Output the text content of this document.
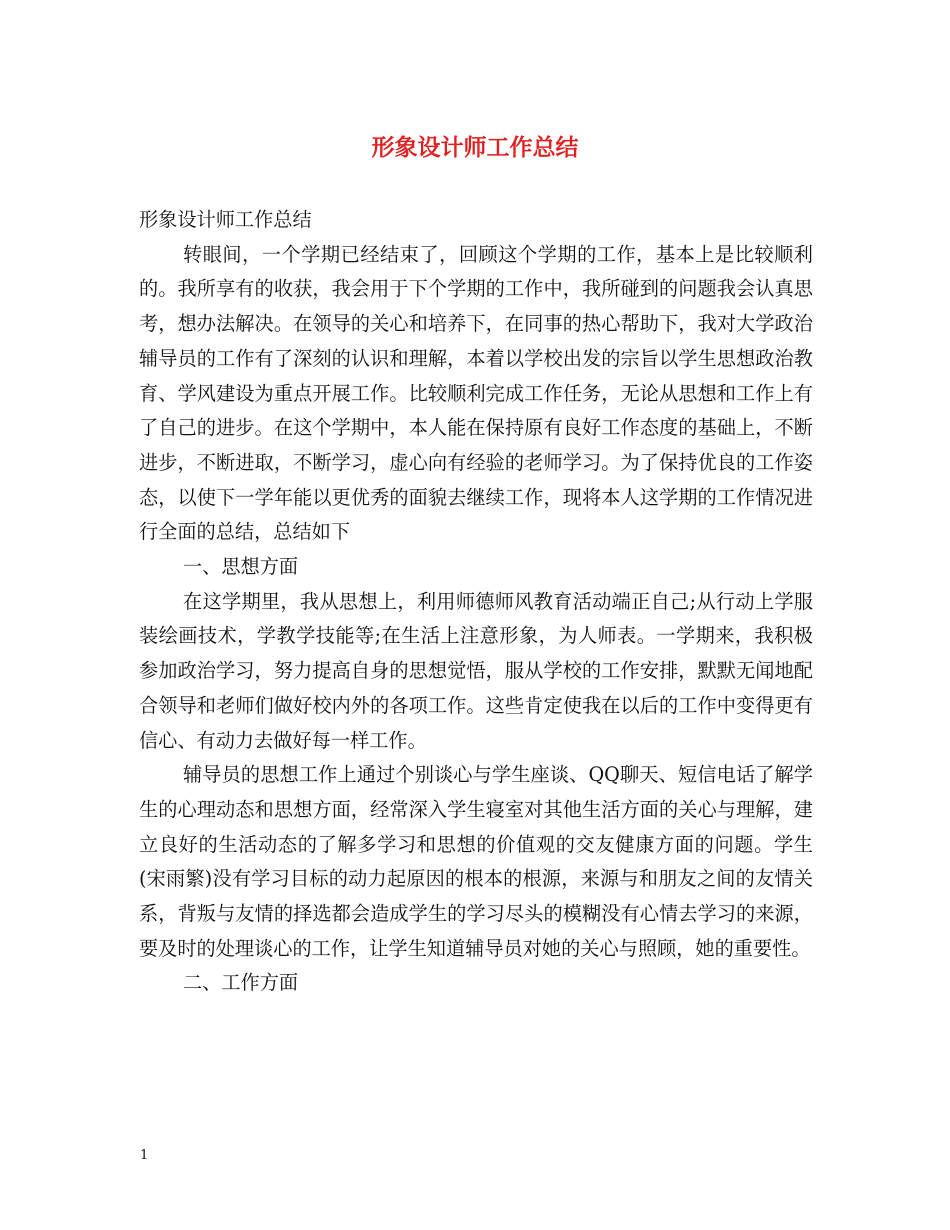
形象设计师工作总结

形象设计师工作总结

转眼间，一个学期已经结束了，回顾这个学期的工作，基本上是比较顺利的。我所享有的收获，我会用于下个学期的工作中，我所碰到的问题我会认真思考，想办法解决。在领导的关心和培养下，在同事的热心帮助下，我对大学政治辅导员的工作有了深刻的认识和理解，本着以学校出发的宗旨以学生思想政治教育、学风建设为重点开展工作。比较顺利完成工作任务，无论从思想和工作上有了自己的进步。在这个学期中，本人能在保持原有良好工作态度的基础上，不断进步，不断进取，不断学习，虚心向有经验的老师学习。为了保持优良的工作姿态，以使下一学年能以更优秀的面貌去继续工作，现将本人这学期的工作情况进行全面的总结，总结如下

一、思想方面

在这学期里，我从思想上，利用师德师风教育活动端正自己;从行动上学服装绘画技术，学教学技能等;在生活上注意形象，为人师表。一学期来，我积极参加政治学习，努力提高自身的思想觉悟，服从学校的工作安排，默默无闻地配合领导和老师们做好校内外的各项工作。这些肯定使我在以后的工作中变得更有信心、有动力去做好每一样工作。

辅导员的思想工作上通过个别谈心与学生座谈、QQ聊天、短信电话了解学生的心理动态和思想方面，经常深入学生寝室对其他生活方面的关心与理解，建立良好的生活动态的了解多学习和思想的价值观的交友健康方面的问题。学生(宋雨繁)没有学习目标的动力起原因的根本的根源，来源与和朋友之间的友情关系，背叛与友情的择选都会造成学生的学习尽头的模糊没有心情去学习的来源，要及时的处理谈心的工作，让学生知道辅导员对她的关心与照顾，她的重要性。

二、工作方面

1
